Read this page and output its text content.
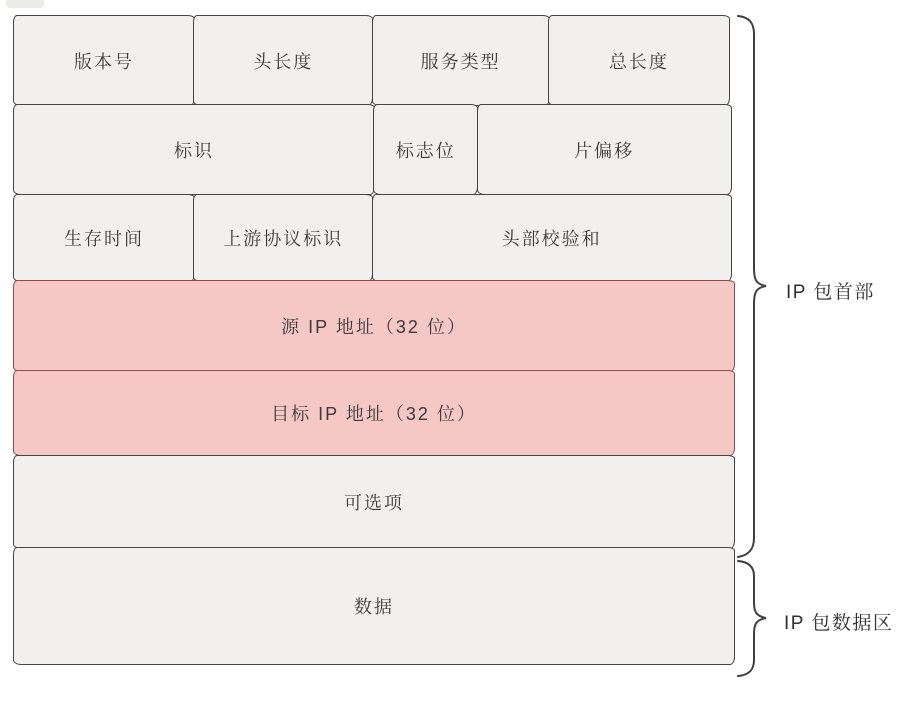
版本号	头长度	服务类型	总长度
标识	标志位	片偏移
生存时间	上游协议标识	头部校验和
源 IP 地址（32 位）
目标 IP 地址（32 位）
可选项
数据
IP 包首部
IP 包数据区
